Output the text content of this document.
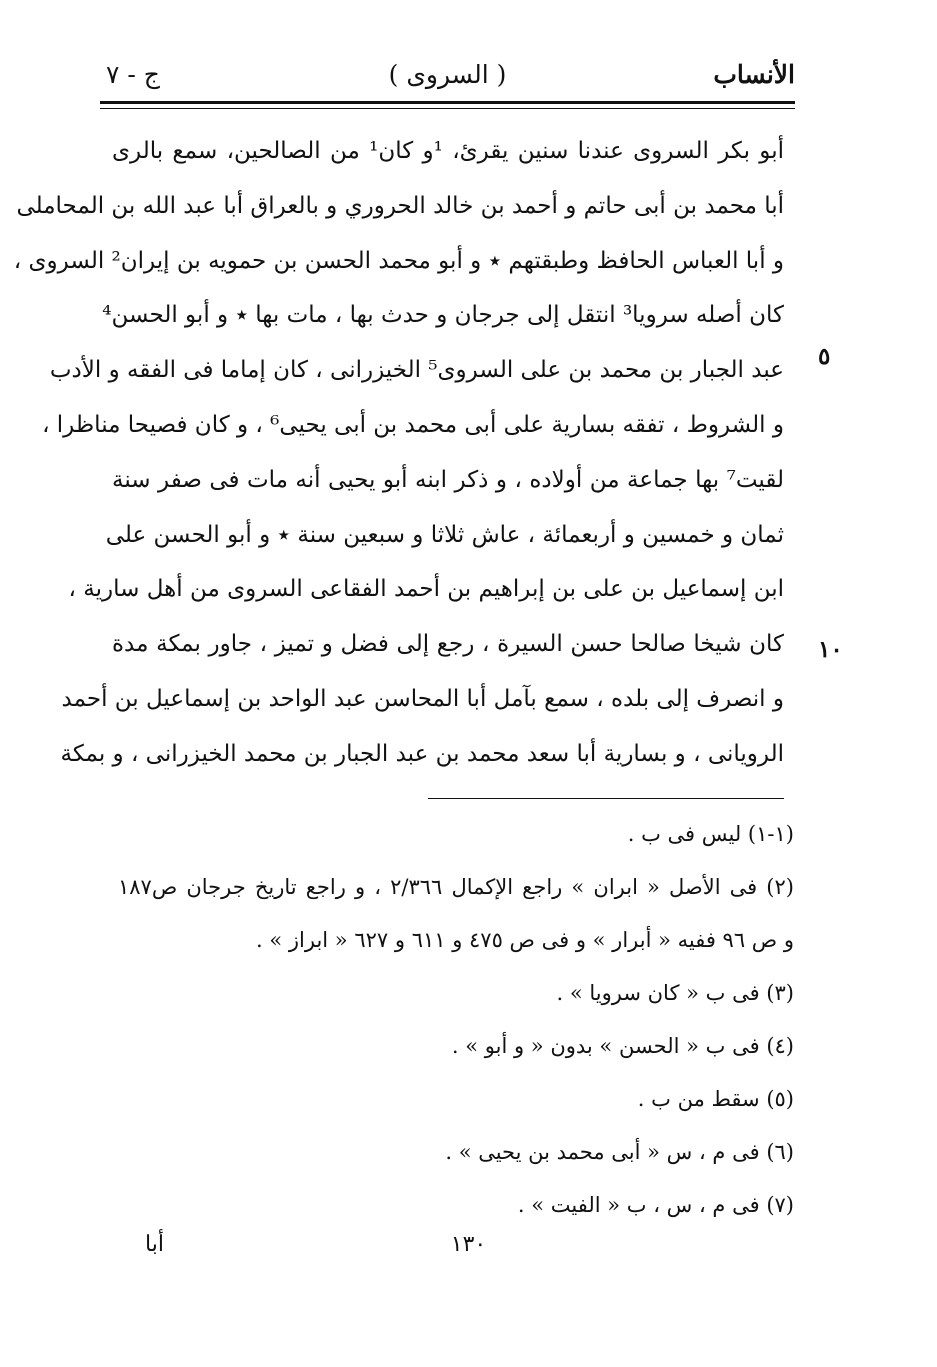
الأنساب
( السروى )
ج - ٧
أبو بكر السروى عندنا سنين يقرئ، ¹و كان¹ من الصالحين، سمع بالرى
أبا محمد بن أبى حاتم و أحمد بن خالد الحروري و بالعراق أبا عبد الله بن المحاملى
و أبا العباس الحافظ وطبقتهم ٭ و أبو محمد الحسن بن حمويه بن إيران² السروى ،
كان أصله سرويا³ انتقل إلى جرجان و حدث بها ، مات بها ٭ و أبو الحسن⁴
عبد الجبار بن محمد بن على السروى⁵ الخيزرانى ، كان إماما فى الفقه و الأدب
و الشروط ، تفقه بسارية على أبى محمد بن أبى يحيى⁶ ، و كان فصيحا مناظرا ،
لقيت⁷ بها جماعة من أولاده ، و ذكر ابنه أبو يحيى أنه مات فى صفر سنة
ثمان و خمسين و أربعمائة ، عاش ثلاثا و سبعين سنة ٭ و أبو الحسن على
ابن إسماعيل بن على بن إبراهيم بن أحمد الفقاعى السروى من أهل سارية ،
كان شيخا صالحا حسن السيرة ، رجع إلى فضل و تميز ، جاور بمكة مدة
و انصرف إلى بلده ، سمع بآمل أبا المحاسن عبد الواحد بن إسماعيل بن أحمد
الرويانى ، و بسارية أبا سعد محمد بن عبد الجبار بن محمد الخيزرانى ، و بمكة
٥
١٠
(١-١) ليس فى ب .
(٢) فى الأصل « ابران » راجع الإكمال ٢/٣٦٦ ، و راجع تاريخ جرجان ص١٨٧
و ص ٩٦ ففيه « أبرار » و فى ص ٤٧٥ و ٦١١ و ٦٢٧ « ابراز » .
(٣) فى ب « كان سرويا » .
(٤) فى ب « الحسن » بدون « و أبو » .
(٥) سقط من ب .
(٦) فى م ، س « أبى محمد بن يحيى » .
(٧) فى م ، س ، ب « الفيت » .
١٣٠
أبا
